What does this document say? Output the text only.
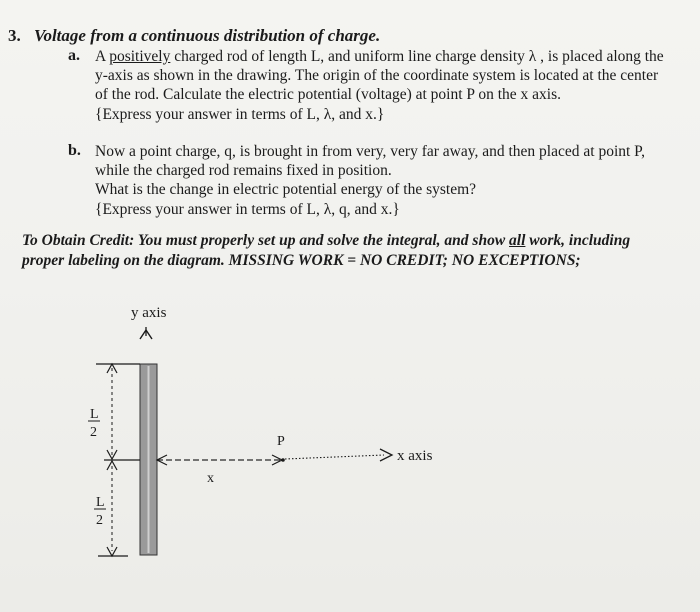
3. Voltage from a continuous distribution of charge.
a. A positively charged rod of length L, and uniform line charge density λ , is placed along the
y-axis as shown in the drawing. The origin of the coordinate system is located at the center
of the rod. Calculate the electric potential (voltage) at point P on the x axis.
{Express your answer in terms of L, λ, and x.}
b. Now a point charge, q, is brought in from very, very far away, and then placed at point P,
while the charged rod remains fixed in position.
What is the change in electric potential energy of the system?
{Express your answer in terms of L, λ, q, and x.}
To Obtain Credit: You must properly set up and solve the integral, and show all work, including
proper labeling on the diagram. MISSING WORK = NO CREDIT; NO EXCEPTIONS;
y axis
L
2
L
2
x
P
x axis
